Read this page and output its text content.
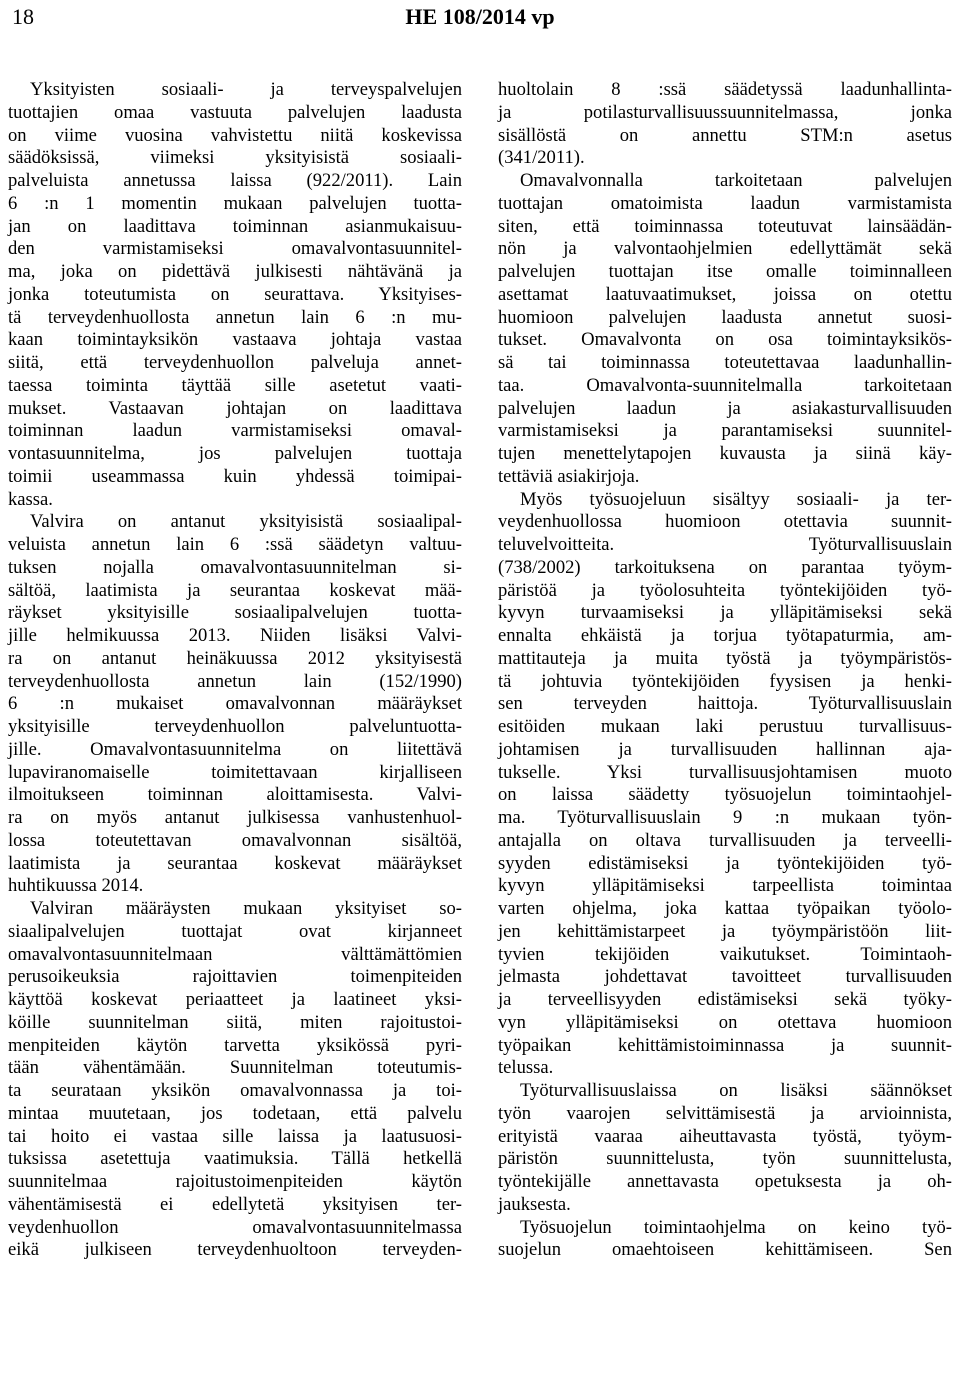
18	HE 108/2014 vp
Yksityisten sosiaali- ja terveyspalvelujen
tuottajien omaa vastuuta palvelujen laadusta
on viime vuosina vahvistettu niitä koskevissa
säädöksissä, viimeksi yksityisistä sosiaali-
palveluista annetussa laissa (922/2011). Lain
6 :n 1 momentin mukaan palvelujen tuotta-
jan on laadittava toiminnan asianmukaisuu-
den varmistamiseksi omavalvontasuunnitel-
ma, joka on pidettävä julkisesti nähtävänä ja
jonka toteutumista on seurattava. Yksityises-
tä terveydenhuollosta annetun lain 6 :n mu-
kaan toimintayksikön vastaava johtaja vastaa
siitä, että terveydenhuollon palveluja annet-
taessa toiminta täyttää sille asetetut vaati-
mukset. Vastaavan johtajan on laadittava
toiminnan laadun varmistamiseksi omaval-
vontasuunnitelma, jos palvelujen tuottaja
toimii useammassa kuin yhdessä toimipai-
kassa.
Valvira on antanut yksityisistä sosiaalipal-
veluista annetun lain 6 :ssä säädetyn valtuu-
tuksen nojalla omavalvontasuunnitelman si-
sältöä, laatimista ja seurantaa koskevat mää-
räykset yksityisille sosiaalipalvelujen tuotta-
jille helmikuussa 2013. Niiden lisäksi Valvi-
ra on antanut heinäkuussa 2012 yksityisestä
terveydenhuollosta annetun lain (152/1990)
6 :n mukaiset omavalvonnan määräykset
yksityisille terveydenhuollon palveluntuotta-
jille. Omavalvontasuunnitelma on liitettävä
lupaviranomaiselle toimitettavaan kirjalliseen
ilmoitukseen toiminnan aloittamisesta. Valvi-
ra on myös antanut julkisessa vanhustenhuol-
lossa toteutettavan omavalvonnan sisältöä,
laatimista ja seurantaa koskevat määräykset
huhtikuussa 2014.
Valviran määräysten mukaan yksityiset so-
siaalipalvelujen tuottajat ovat kirjanneet
omavalvontasuunnitelmaan välttämättömien
perusoikeuksia rajoittavien toimenpiteiden
käyttöä koskevat periaatteet ja laatineet yksi-
köille suunnitelman siitä, miten rajoitustoi-
menpiteiden käytön tarvetta yksikössä pyri-
tään vähentämään. Suunnitelman toteutumis-
ta seurataan yksikön omavalvonnassa ja toi-
mintaa muutetaan, jos todetaan, että palvelu
tai hoito ei vastaa sille laissa ja laatusuosi-
tuksissa asetettuja vaatimuksia. Tällä hetkellä
suunnitelmaa rajoitustoimenpiteiden käytön
vähentämisestä ei edellytetä yksityisen ter-
veydenhuollon omavalvontasuunnitelmassa
eikä julkiseen terveydenhuoltoon terveyden-
huoltolain 8 :ssä säädetyssä laadunhallinta-
ja potilasturvallisuussuunnitelmassa, jonka
sisällöstä on annettu STM:n asetus
(341/2011).
Omavalvonnalla tarkoitetaan palvelujen
tuottajan omatoimista laadun varmistamista
siten, että toiminnassa toteutuvat lainsäädän-
nön ja valvontaohjelmien edellyttämät sekä
palvelujen tuottajan itse omalle toiminnalleen
asettamat laatuvaatimukset, joissa on otettu
huomioon palvelujen laadusta annetut suosi-
tukset. Omavalvonta on osa toimintayksikös-
sä tai toiminnassa toteutettavaa laadunhallin-
taa. Omavalvonta-suunnitelmalla tarkoitetaan
palvelujen laadun ja asiakasturvallisuuden
varmistamiseksi ja parantamiseksi suunnitel-
tujen menettelytapojen kuvausta ja siinä käy-
tettäviä asiakirjoja.
Myös työsuojeluun sisältyy sosiaali- ja ter-
veydenhuollossa huomioon otettavia suunnit-
teluvelvoitteita. Työturvallisuuslain
(738/2002) tarkoituksena on parantaa työym-
päristöä ja työolosuhteita työntekijöiden työ-
kyvyn turvaamiseksi ja ylläpitämiseksi sekä
ennalta ehkäistä ja torjua työtapaturmia, am-
mattitauteja ja muita työstä ja työympäristös-
tä johtuvia työntekijöiden fyysisen ja henki-
sen terveyden haittoja. Työturvallisuuslain
esitöiden mukaan laki perustuu turvallisuus-
johtamisen ja turvallisuuden hallinnan aja-
tukselle. Yksi turvallisuusjohtamisen muoto
on laissa säädetty työsuojelun toimintaohjel-
ma. Työturvallisuuslain 9 :n mukaan työn-
antajalla on oltava turvallisuuden ja terveelli-
syyden edistämiseksi ja työntekijöiden työ-
kyvyn ylläpitämiseksi tarpeellista toimintaa
varten ohjelma, joka kattaa työpaikan työolo-
jen kehittämistarpeet ja työympäristöön liit-
tyvien tekijöiden vaikutukset. Toimintaoh-
jelmasta johdettavat tavoitteet turvallisuuden
ja terveellisyyden edistämiseksi sekä työky-
vyn ylläpitämiseksi on otettava huomioon
työpaikan kehittämistoiminnassa ja suunnit-
telussa.
Työturvallisuuslaissa on lisäksi säännökset
työn vaarojen selvittämisestä ja arvioinnista,
erityistä vaaraa aiheuttavasta työstä, työym-
päristön suunnittelusta, työn suunnittelusta,
työntekijälle annettavasta opetuksesta ja oh-
jauksesta.
Työsuojelun toimintaohjelma on keino työ-
suojelun omaehtoiseen kehittämiseen. Sen
